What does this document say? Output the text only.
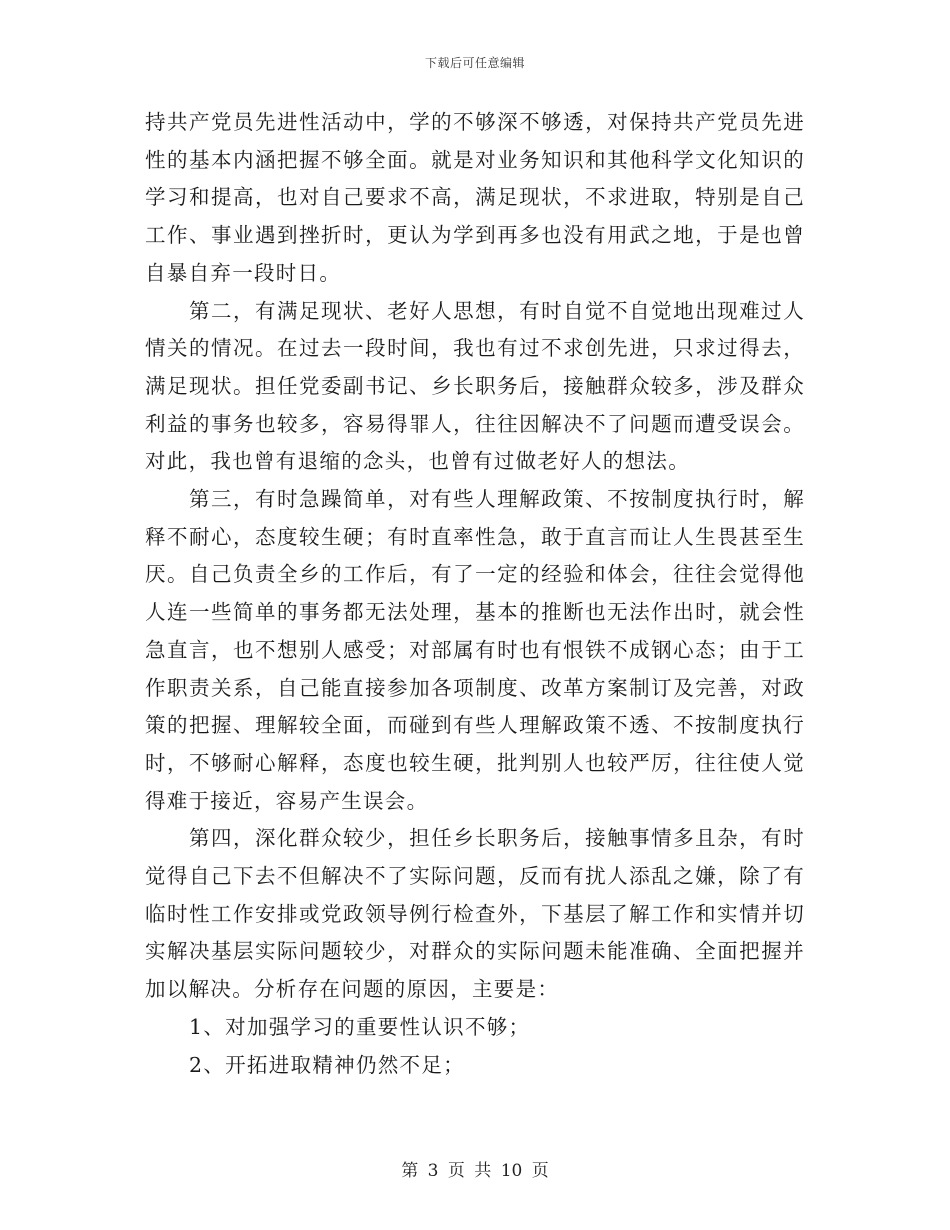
下载后可任意编辑

持共产党员先进性活动中，学的不够深不够透，对保持共产党员先进性的基本内涵把握不够全面。就是对业务知识和其他科学文化知识的学习和提高，也对自己要求不高，满足现状，不求进取，特别是自己工作、事业遇到挫折时，更认为学到再多也没有用武之地，于是也曾自暴自弃一段时日。

第二，有满足现状、老好人思想，有时自觉不自觉地出现难过人情关的情况。在过去一段时间，我也有过不求创先进，只求过得去，满足现状。担任党委副书记、乡长职务后，接触群众较多，涉及群众利益的事务也较多，容易得罪人，往往因解决不了问题而遭受误会。对此，我也曾有退缩的念头，也曾有过做老好人的想法。

第三，有时急躁简单，对有些人理解政策、不按制度执行时，解释不耐心，态度较生硬；有时直率性急，敢于直言而让人生畏甚至生厌。自己负责全乡的工作后，有了一定的经验和体会，往往会觉得他人连一些简单的事务都无法处理，基本的推断也无法作出时，就会性急直言，也不想别人感受；对部属有时也有恨铁不成钢心态；由于工作职责关系，自己能直接参加各项制度、改革方案制订及完善，对政策的把握、理解较全面，而碰到有些人理解政策不透、不按制度执行时，不够耐心解释，态度也较生硬，批判别人也较严厉，往往使人觉得难于接近，容易产生误会。

第四，深化群众较少，担任乡长职务后，接触事情多且杂，有时觉得自己下去不但解决不了实际问题，反而有扰人添乱之嫌，除了有临时性工作安排或党政领导例行检查外，下基层了解工作和实情并切实解决基层实际问题较少，对群众的实际问题未能准确、全面把握并加以解决。分析存在问题的原因，主要是：

1、对加强学习的重要性认识不够；

2、开拓进取精神仍然不足；

第 3 页 共 10 页
